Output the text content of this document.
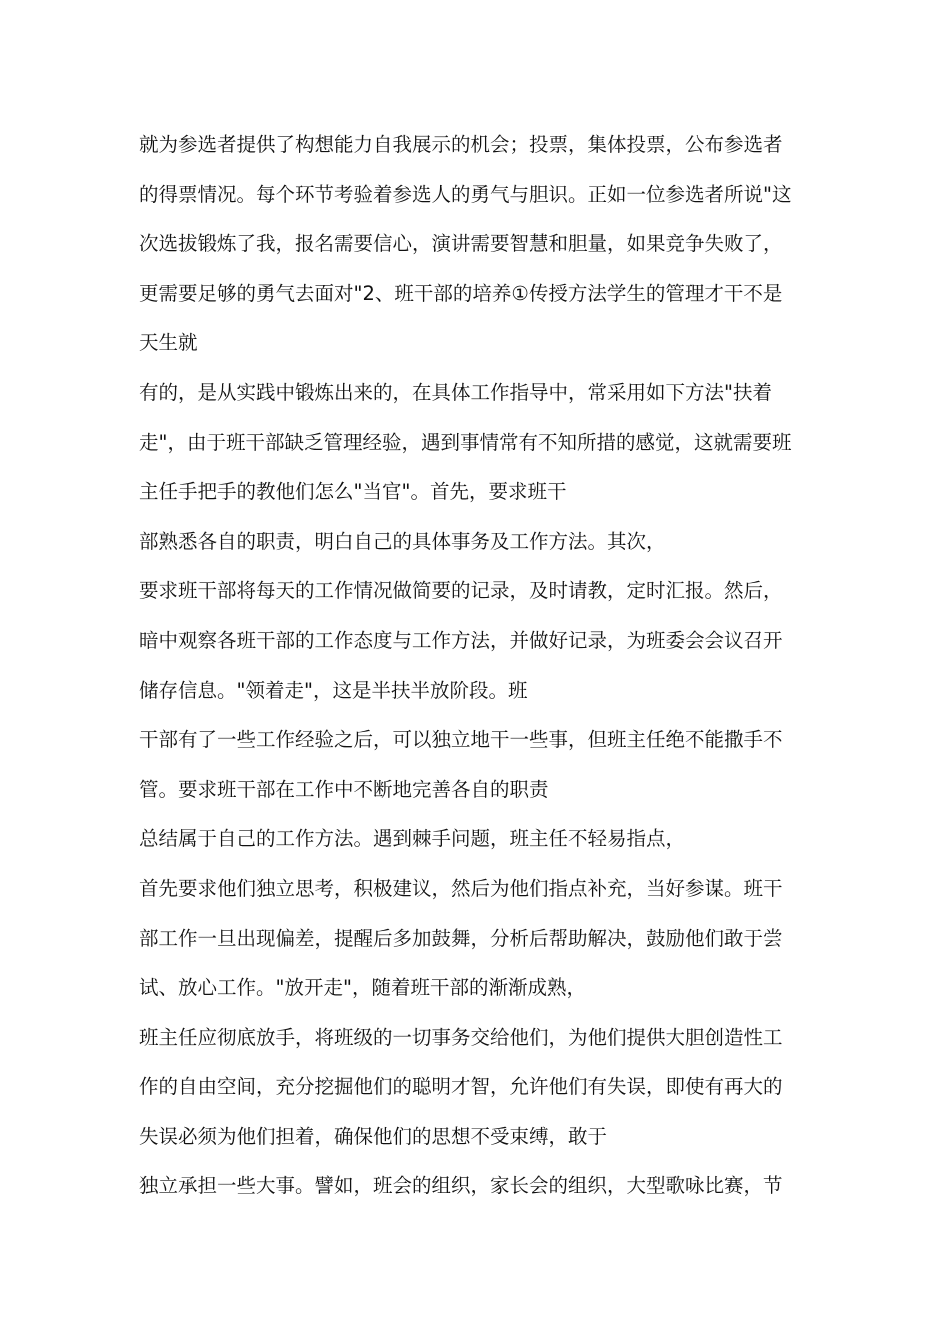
就为参选者提供了构想能力自我展示的机会；投票，集体投票，公布参选者
的得票情况。每个环节考验着参选人的勇气与胆识。正如一位参选者所说"这
次选拔锻炼了我，报名需要信心，演讲需要智慧和胆量，如果竞争失败了，
更需要足够的勇气去面对"2、班干部的培养①传授方法学生的管理才干不是
天生就
有的，是从实践中锻炼出来的，在具体工作指导中，常采用如下方法"扶着
走"，由于班干部缺乏管理经验，遇到事情常有不知所措的感觉，这就需要班
主任手把手的教他们怎么"当官"。首先，要求班干
部熟悉各自的职责，明白自己的具体事务及工作方法。其次，
要求班干部将每天的工作情况做简要的记录，及时请教，定时汇报。然后，
暗中观察各班干部的工作态度与工作方法，并做好记录，为班委会会议召开
储存信息。"领着走"，这是半扶半放阶段。班
干部有了一些工作经验之后，可以独立地干一些事，但班主任绝不能撒手不
管。要求班干部在工作中不断地完善各自的职责
总结属于自己的工作方法。遇到棘手问题，班主任不轻易指点，
首先要求他们独立思考，积极建议，然后为他们指点补充，当好参谋。班干
部工作一旦出现偏差，提醒后多加鼓舞，分析后帮助解决，鼓励他们敢于尝
试、放心工作。"放开走"，随着班干部的渐渐成熟，
班主任应彻底放手，将班级的一切事务交给他们，为他们提供大胆创造性工
作的自由空间，充分挖掘他们的聪明才智，允许他们有失误，即使有再大的
失误必须为他们担着，确保他们的思想不受束缚，敢于
独立承担一些大事。譬如，班会的组织，家长会的组织，大型歌咏比赛，节
